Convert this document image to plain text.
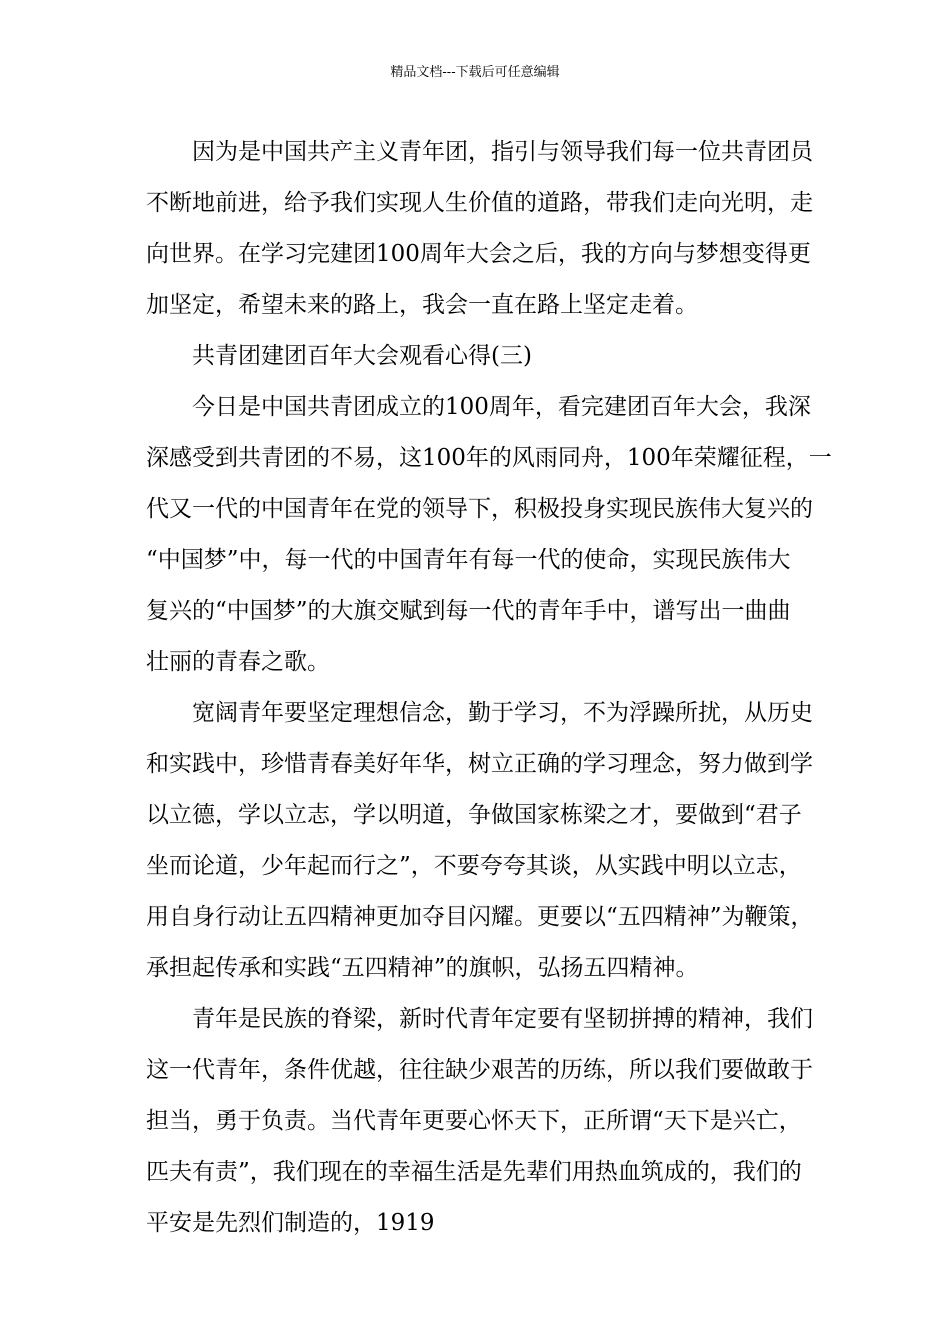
精品文档---下载后可任意编辑
因为是中国共产主义青年团，指引与领导我们每一位共青团员
不断地前进，给予我们实现人生价值的道路，带我们走向光明，走
向世界。在学习完建团100周年大会之后，我的方向与梦想变得更
加坚定，希望未来的路上，我会一直在路上坚定走着。
共青团建团百年大会观看心得(三)
今日是中国共青团成立的100周年，看完建团百年大会，我深
深感受到共青团的不易，这100年的风雨同舟，100年荣耀征程，一
代又一代的中国青年在党的领导下，积极投身实现民族伟大复兴的
“中国梦”中，每一代的中国青年有每一代的使命，实现民族伟大
复兴的“中国梦”的大旗交赋到每一代的青年手中，谱写出一曲曲
壮丽的青春之歌。
宽阔青年要坚定理想信念，勤于学习，不为浮躁所扰，从历史
和实践中，珍惜青春美好年华，树立正确的学习理念，努力做到学
以立德，学以立志，学以明道，争做国家栋梁之才，要做到“君子
坐而论道，少年起而行之”，不要夸夸其谈，从实践中明以立志，
用自身行动让五四精神更加夺目闪耀。更要以“五四精神”为鞭策，
承担起传承和实践“五四精神”的旗帜，弘扬五四精神。
青年是民族的脊梁，新时代青年定要有坚韧拼搏的精神，我们
这一代青年，条件优越，往往缺少艰苦的历练，所以我们要做敢于
担当，勇于负责。当代青年更要心怀天下，正所谓“天下是兴亡，
匹夫有责”，我们现在的幸福生活是先辈们用热血筑成的，我们的
平安是先烈们制造的，1919
